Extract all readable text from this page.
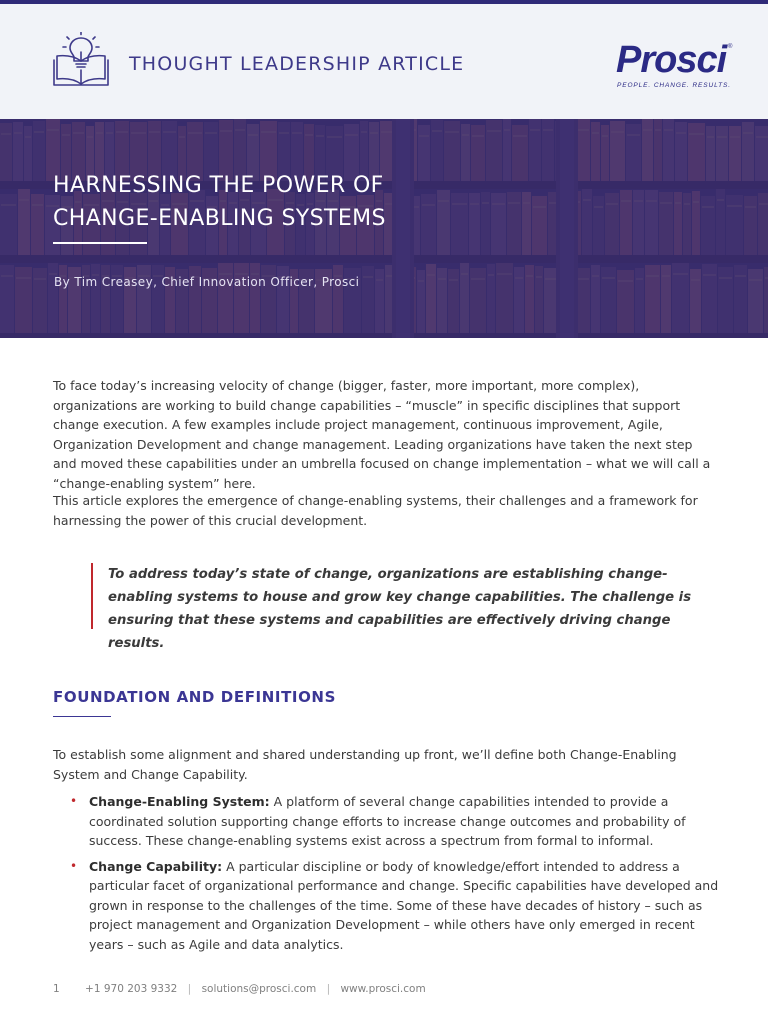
THOUGHT LEADERSHIP ARTICLE	Prosci ®
PEOPLE. CHANGE. RESULTS.
HARNESSING THE POWER OF
CHANGE-ENABLING SYSTEMS
By Tim Creasey, Chief Innovation Officer, Prosci

To face today’s increasing velocity of change (bigger, faster, more important, more complex), organizations are working to build change capabilities – “muscle” in specific disciplines that support change execution. A few examples include project management, continuous improvement, Agile, Organization Development and change management. Leading organizations have taken the next step and moved these capabilities under an umbrella focused on change implementation – what we will call a “change-enabling system” here.

This article explores the emergence of change-enabling systems, their challenges and a framework for harnessing the power of this crucial development.

To address today’s state of change, organizations are establishing change-enabling systems to house and grow key change capabilities. The challenge is ensuring that these systems and capabilities are effectively driving change results.

FOUNDATION AND DEFINITIONS

To establish some alignment and shared understanding up front, we’ll define both Change-Enabling System and Change Capability.

• Change-Enabling System: A platform of several change capabilities intended to provide a coordinated solution supporting change efforts to increase change outcomes and probability of success. These change-enabling systems exist across a spectrum from formal to informal.
• Change Capability: A particular discipline or body of knowledge/effort intended to address a particular facet of organizational performance and change. Specific capabilities have developed and grown in response to the challenges of the time. Some of these have decades of history – such as project management and Organization Development – while others have only emerged in recent years – such as Agile and data analytics.
1 +1 970 203 9332 | solutions@prosci.com | www.prosci.com
